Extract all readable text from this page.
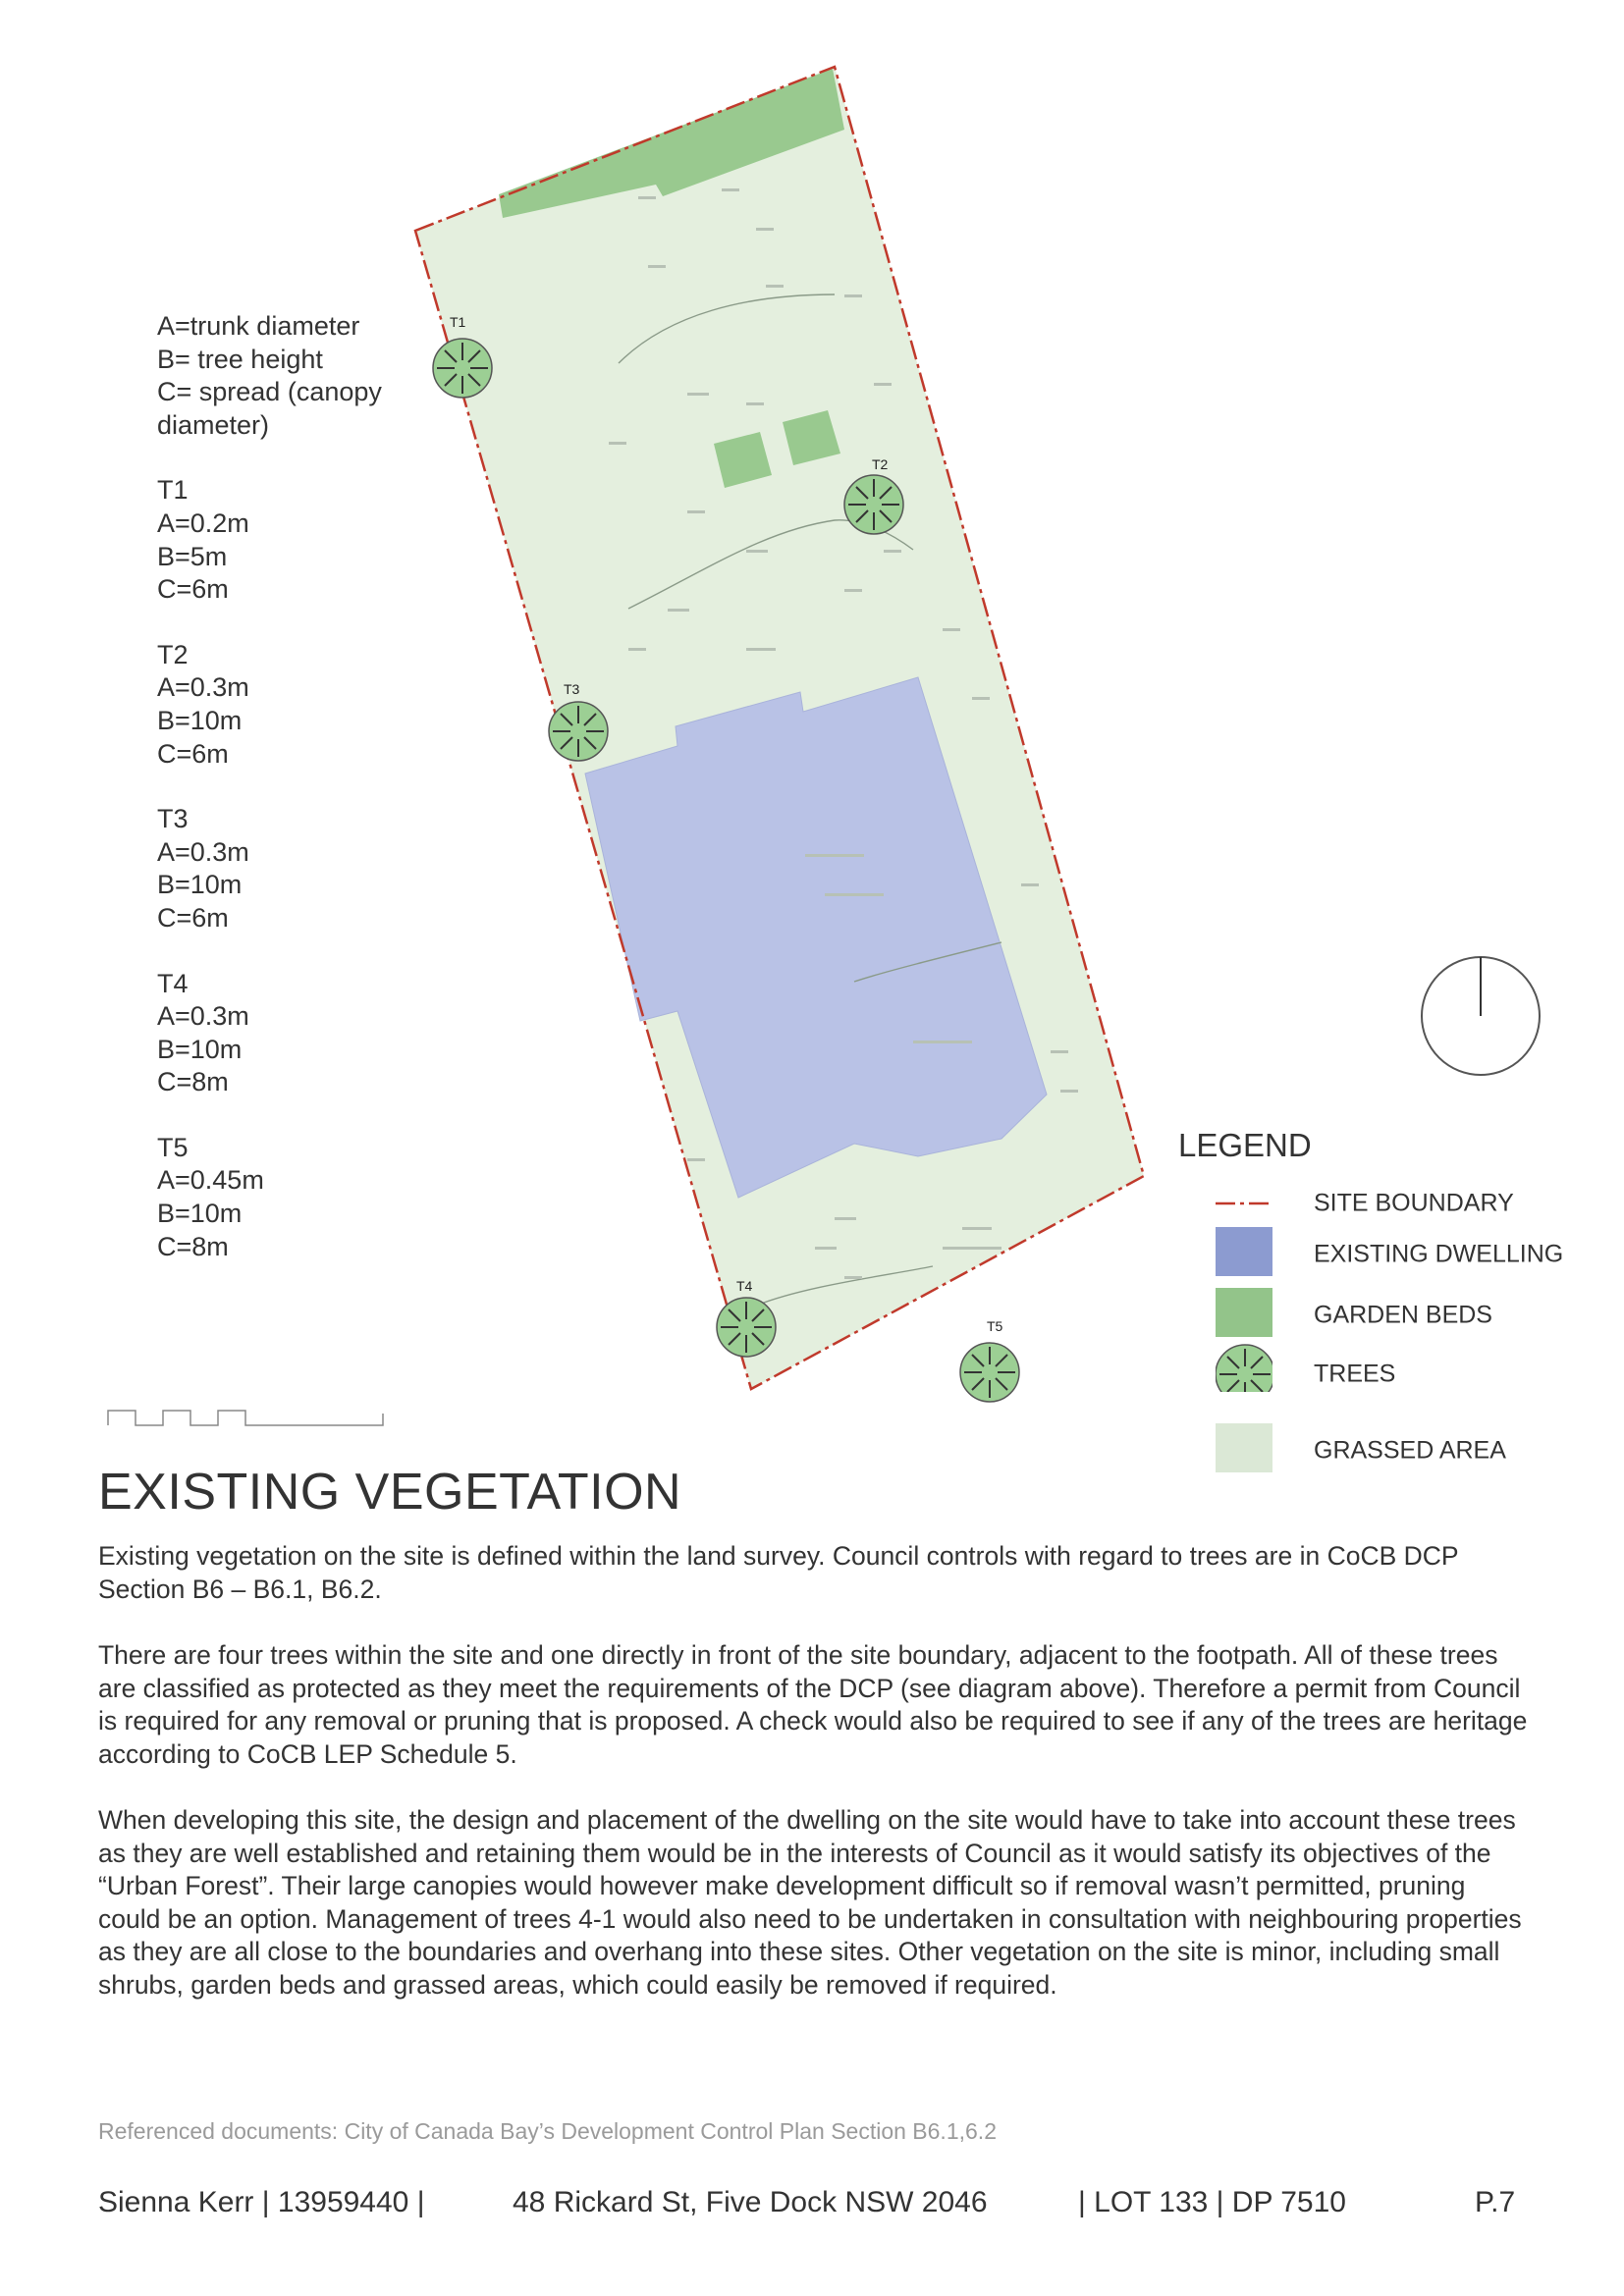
T1
T2
T3
T4
T5
A=trunk diameter
B= tree height
C= spread (canopy
diameter)
T1
A=0.2m
B=5m
C=6m
T2
A=0.3m
B=10m
C=6m
T3
A=0.3m
B=10m
C=6m
T4
A=0.3m
B=10m
C=8m
T5
A=0.45m
B=10m
C=8m
LEGEND
SITE BOUNDARY
EXISTING DWELLING
GARDEN BEDS
TREES
GRASSED AREA
EXISTING VEGETATION

Existing vegetation on the site is defined within the land survey. Council controls with regard to trees are in CoCB DCP Section B6 – B6.1, B6.2.

There are four trees within the site and one directly in front of the site boundary, adjacent to the footpath. All of these trees are classified as protected as they meet the requirements of the DCP (see diagram above). Therefore a permit from Council is required for any removal or pruning that is proposed. A check would also be required to see if any of the trees are heritage according to CoCB LEP Schedule 5.

When developing this site, the design and placement of the dwelling on the site would have to take into account these trees as they are well established and retaining them would be in the interests of Council as it would satisfy its objectives of the “Urban Forest”. Their large canopies would however make development difficult so if removal wasn’t permitted, pruning could be an option. Management of trees 4-1 would also need to be undertaken in consultation with neighbouring properties as they are all close to the boundaries and overhang into these sites. Other vegetation on the site is minor, including small shrubs, garden beds and grassed areas, which could easily be removed if required.

Referenced documents: City of Canada Bay’s Development Control Plan Section B6.1,6.2
Sienna Kerr | 13959440 |	48 Rickard St, Five Dock NSW 2046	| LOT 133 | DP 7510	P.7
